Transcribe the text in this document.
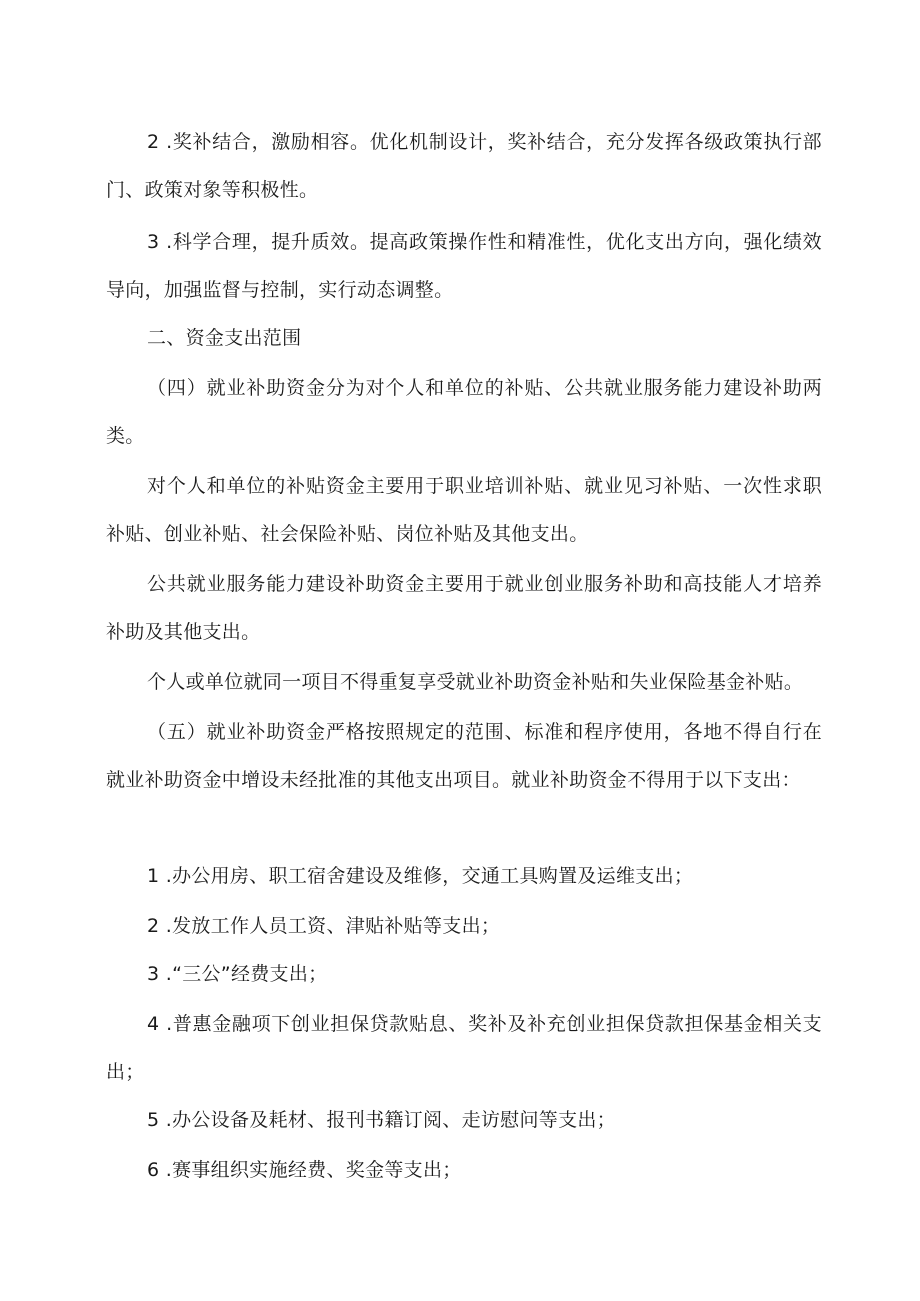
2 .奖补结合，激励相容。优化机制设计，奖补结合，充分发挥各级政策执行部门、政策对象等积极性。

3 .科学合理，提升质效。提高政策操作性和精准性，优化支出方向，强化绩效导向，加强监督与控制，实行动态调整。

二、资金支出范围

（四）就业补助资金分为对个人和单位的补贴、公共就业服务能力建设补助两类。

对个人和单位的补贴资金主要用于职业培训补贴、就业见习补贴、一次性求职补贴、创业补贴、社会保险补贴、岗位补贴及其他支出。

公共就业服务能力建设补助资金主要用于就业创业服务补助和高技能人才培养补助及其他支出。

个人或单位就同一项目不得重复享受就业补助资金补贴和失业保险基金补贴。

（五）就业补助资金严格按照规定的范围、标准和程序使用，各地不得自行在就业补助资金中增设未经批准的其他支出项目。就业补助资金不得用于以下支出：

1 .办公用房、职工宿舍建设及维修，交通工具购置及运维支出；

2 .发放工作人员工资、津贴补贴等支出；

3 .“三公”经费支出；

4 .普惠金融项下创业担保贷款贴息、奖补及补充创业担保贷款担保基金相关支出；

5 .办公设备及耗材、报刊书籍订阅、走访慰问等支出；

6 .赛事组织实施经费、奖金等支出；
